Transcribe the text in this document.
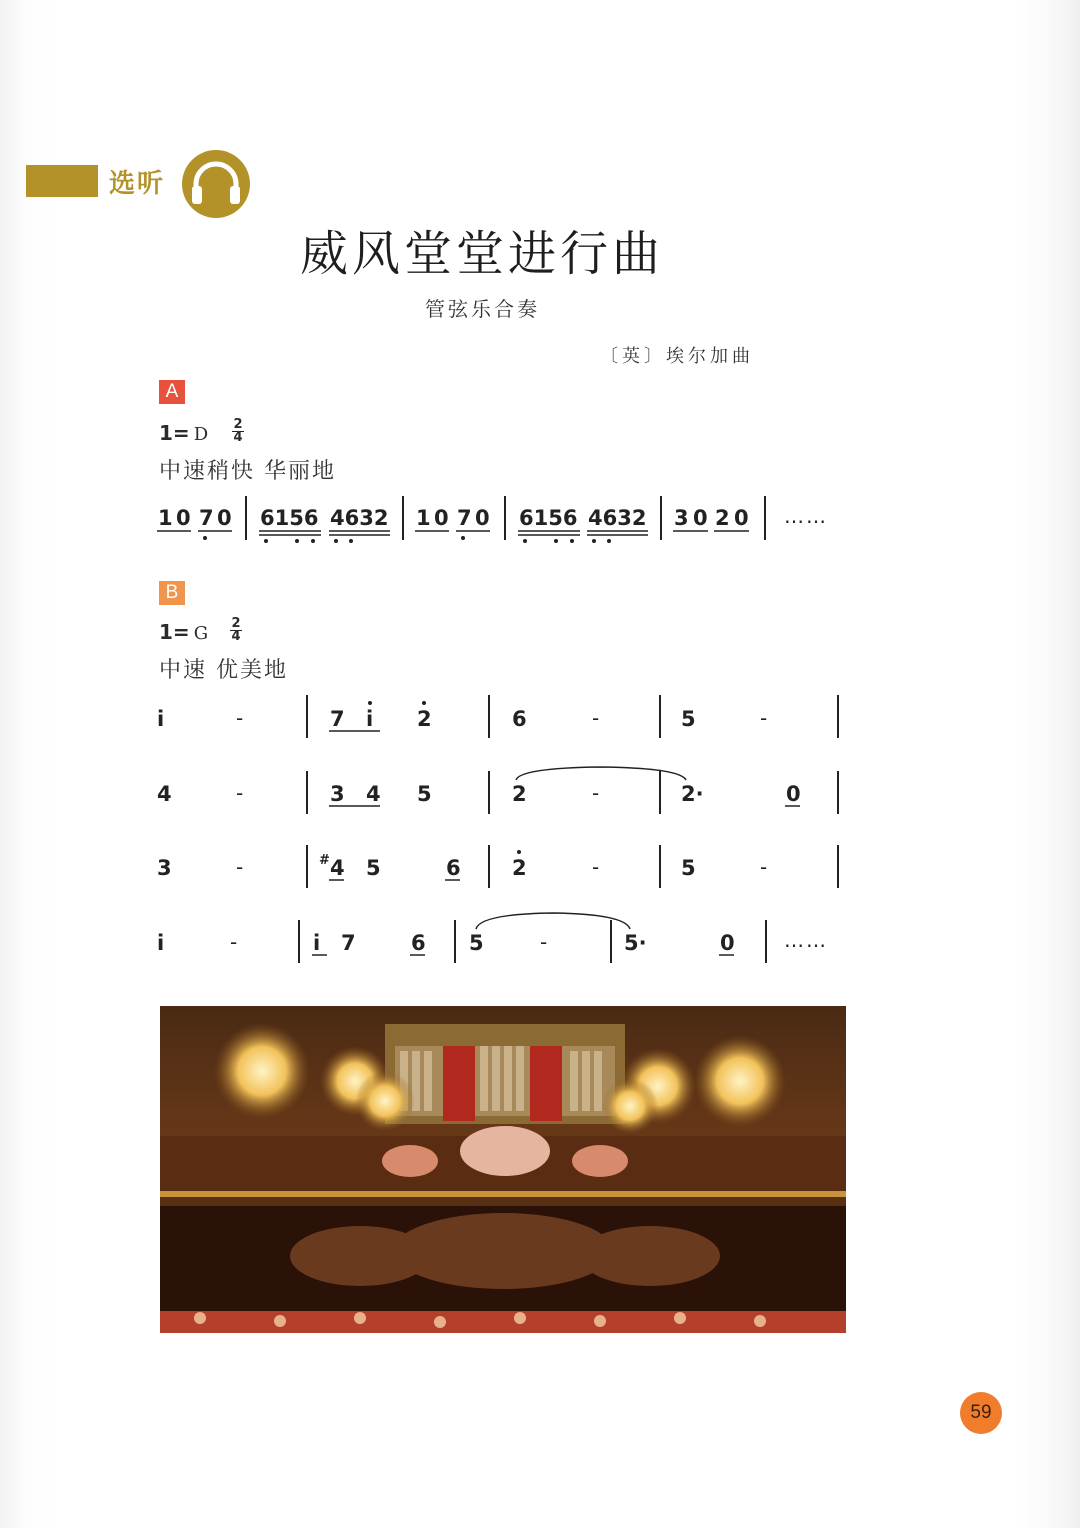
选听
威风堂堂进行曲
管弦乐合奏
〔英〕埃尔加曲
A
1= D 2
4
中速稍快 华丽地
B
1= G 2
4
中速 优美地
1 0 7 0 6156 4632 1 0 7 0 6156 4632 3 0 2 0 ……
i	-	7 i 2	6	-	5	-
4	-	3 4 5	2	-	2·	0
3	-	# 4 5	6 2	-	5	-
i	-	i 7	6 5	-	5·	0 ……
59
